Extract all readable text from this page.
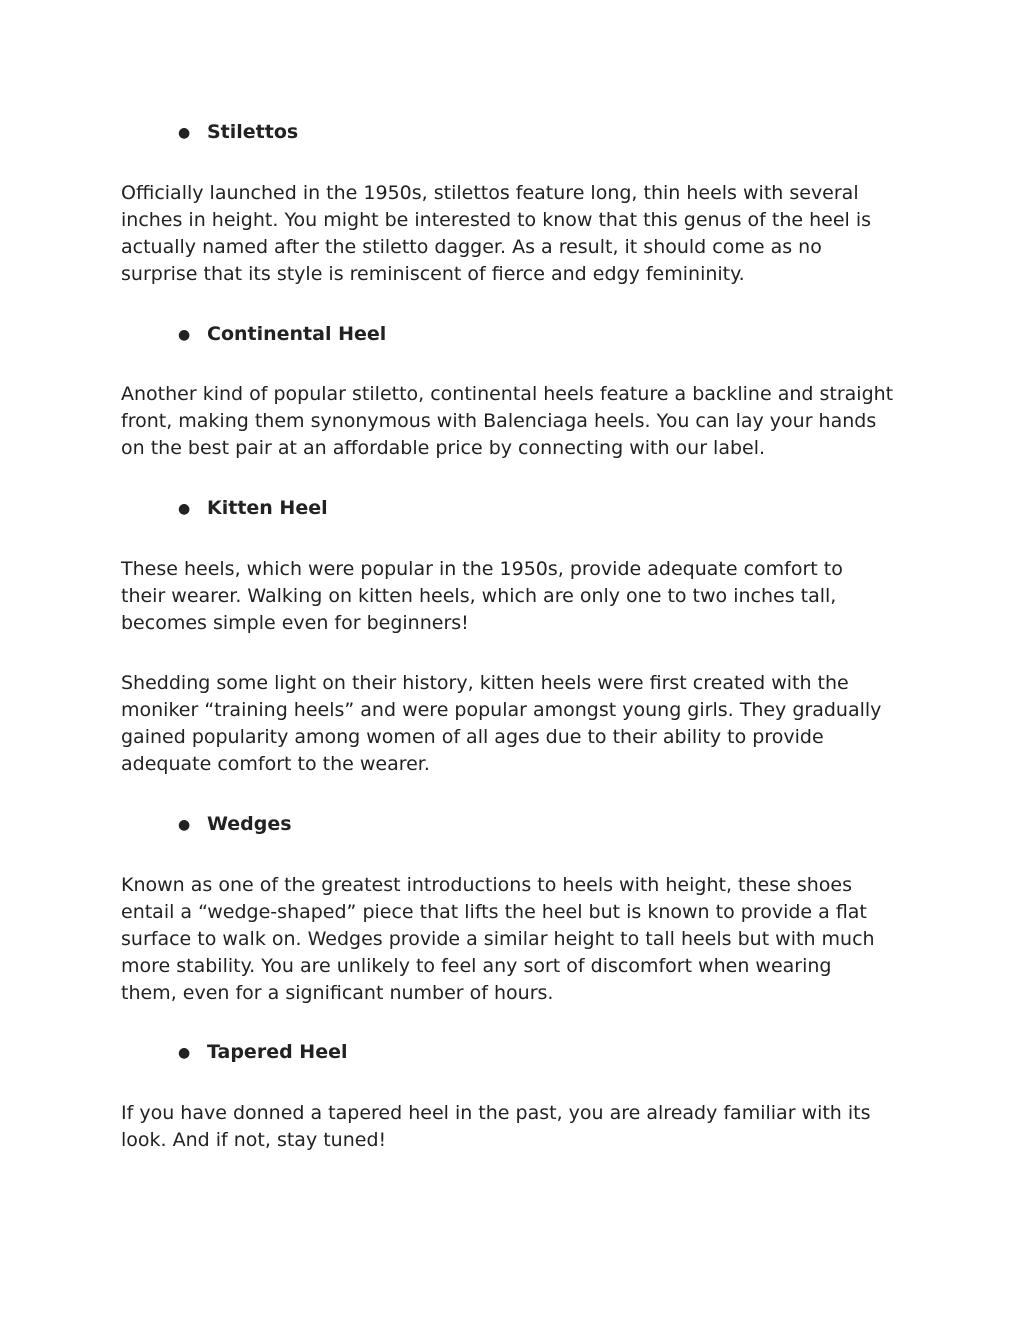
● Stilettos

Officially launched in the 1950s, stilettos feature long, thin heels with several
inches in height. You might be interested to know that this genus of the heel is
actually named after the stiletto dagger. As a result, it should come as no
surprise that its style is reminiscent of fierce and edgy femininity.

● Continental Heel

Another kind of popular stiletto, continental heels feature a backline and straight
front, making them synonymous with Balenciaga heels. You can lay your hands
on the best pair at an affordable price by connecting with our label.

● Kitten Heel

These heels, which were popular in the 1950s, provide adequate comfort to
their wearer. Walking on kitten heels, which are only one to two inches tall,
becomes simple even for beginners!

Shedding some light on their history, kitten heels were first created with the
moniker “training heels” and were popular amongst young girls. They gradually
gained popularity among women of all ages due to their ability to provide
adequate comfort to the wearer.

● Wedges

Known as one of the greatest introductions to heels with height, these shoes
entail a “wedge-shaped” piece that lifts the heel but is known to provide a flat
surface to walk on. Wedges provide a similar height to tall heels but with much
more stability. You are unlikely to feel any sort of discomfort when wearing
them, even for a significant number of hours.

● Tapered Heel

If you have donned a tapered heel in the past, you are already familiar with its
look. And if not, stay tuned!
